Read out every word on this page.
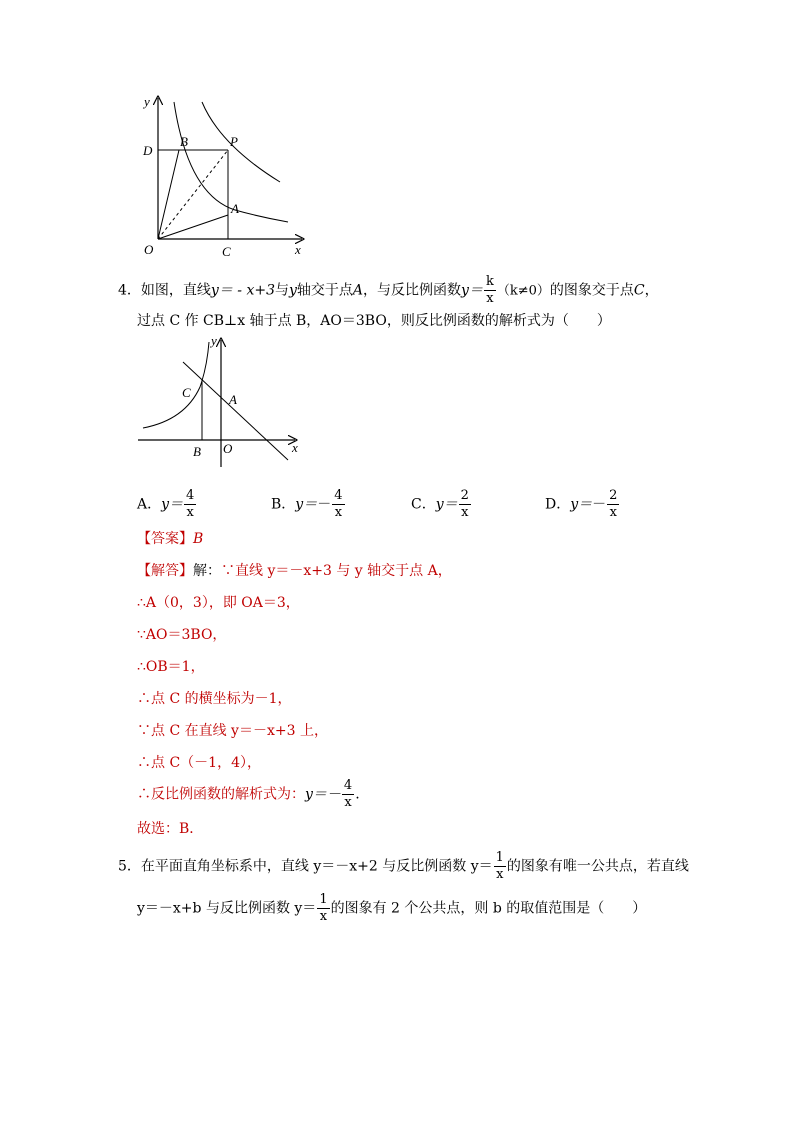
y
x
O
D
B	P
A
C
4．如图，直线y＝ - x+3与y轴交于点A，与反比例函数$y= \frac{k}{x} (k\ne 0)$的图象交于点C，
过点 C 作 CB⊥x 轴于点 B，AO＝3BO，则反比例函数的解析式为（　　）
y
x
C	A
B O
A．$y= \frac{4}{x}$	B．$y=- \frac{4}{x}$	C．$y= \frac{2}{x}$	D．$y=- \frac{2}{x}$
【答案】B
【解答】解：∵直线 y＝－x+3 与 y 轴交于点 A，
∴A（0，3），即 OA＝3，
∵AO＝3BO，
∴OB＝1，
∴点 C 的横坐标为－1，
∵点 C 在直线 y＝－x+3 上，
∴点 C（－1，4），
∴反比例函数的解析式为：$y=- \frac{4}{x}$ .
故选：B．
5．在平面直角坐标系中，直线 y＝－x+2 与反比例函数 $y= \frac{1}{x}$ 的图象有唯一公共点，若直线
y＝－x+b 与反比例函数 $y= \frac{1}{x}$ 的图象有 2 个公共点，则 b 的取值范围是（　　）
